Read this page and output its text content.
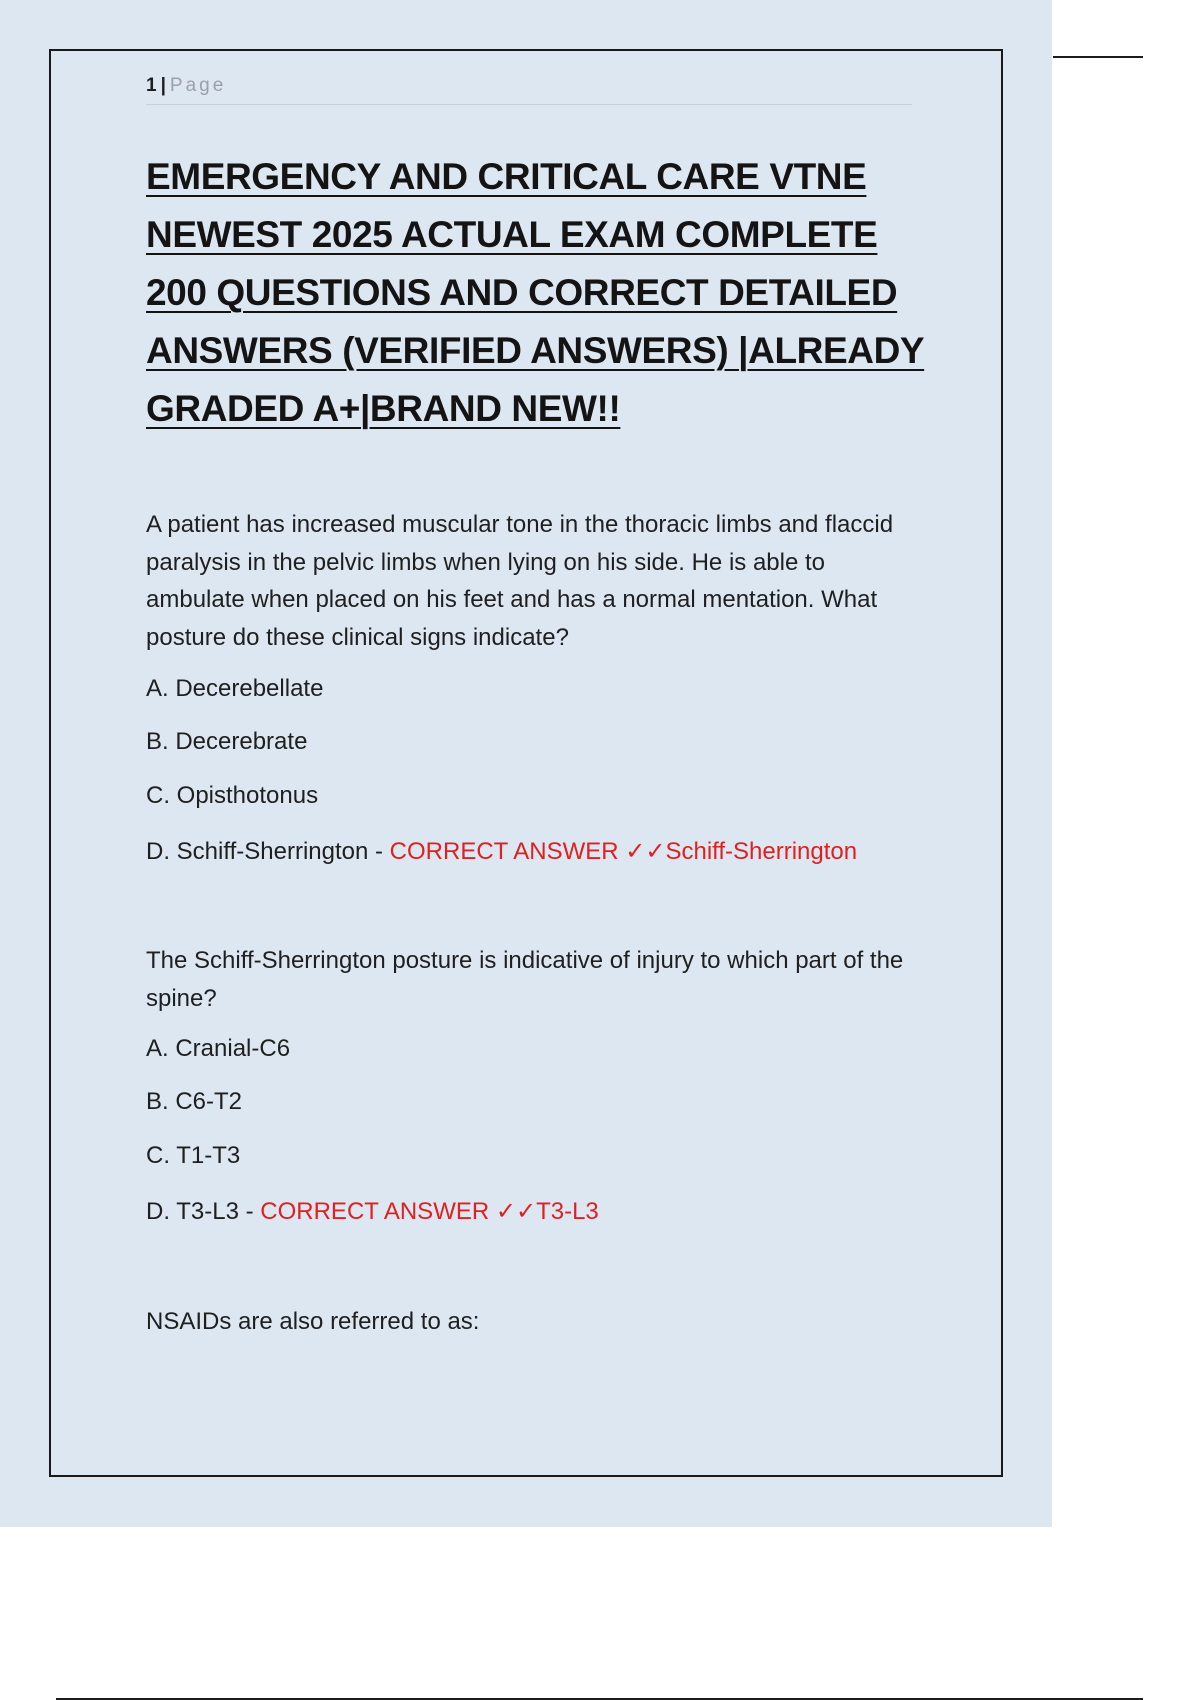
1 | Page
EMERGENCY AND CRITICAL CARE VTNE NEWEST 2025 ACTUAL EXAM COMPLETE 200 QUESTIONS AND CORRECT DETAILED ANSWERS (VERIFIED ANSWERS) |ALREADY GRADED A+|BRAND NEW!!

A patient has increased muscular tone in the thoracic limbs and flaccid paralysis in the pelvic limbs when lying on his side. He is able to ambulate when placed on his feet and has a normal mentation. What posture do these clinical signs indicate?

A. Decerebellate
B. Decerebrate
C. Opisthotonus
D. Schiff-Sherrington - CORRECT ANSWER ✓✓Schiff-Sherrington

The Schiff-Sherrington posture is indicative of injury to which part of the spine?

A. Cranial-C6
B. C6-T2
C. T1-T3
D. T3-L3 - CORRECT ANSWER ✓✓T3-L3

NSAIDs are also referred to as:
